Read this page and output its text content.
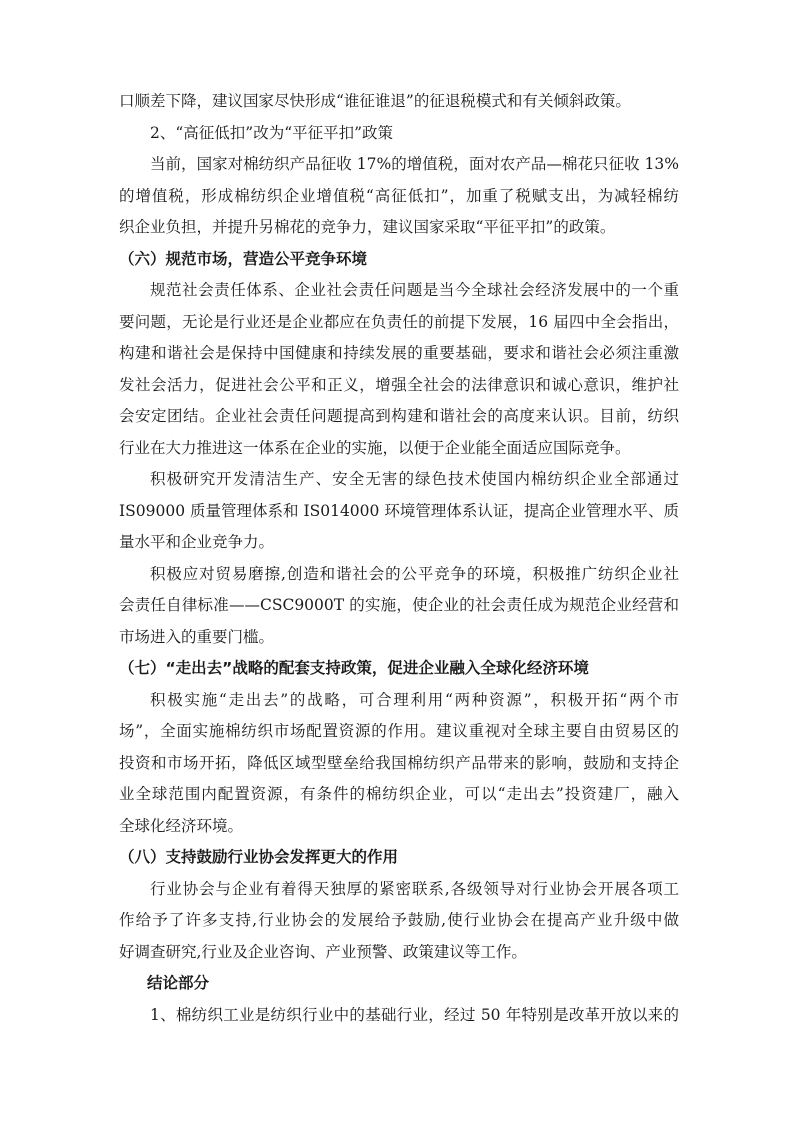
口顺差下降，建议国家尽快形成“谁征谁退”的征退税模式和有关倾斜政策。
2、“高征低扣”改为“平征平扣”政策
当前，国家对棉纺织产品征收 17%的增值税，面对农产品—棉花只征收 13%
的增值税，形成棉纺织企业增值税“高征低扣”，加重了税赋支出，为减轻棉纺
织企业负担，并提升另棉花的竞争力，建议国家采取“平征平扣”的政策。
（六）规范市场，营造公平竞争环境
规范社会责任体系、企业社会责任问题是当今全球社会经济发展中的一个重
要问题，无论是行业还是企业都应在负责任的前提下发展，16 届四中全会指出，
构建和谐社会是保持中国健康和持续发展的重要基础，要求和谐社会必须注重激
发社会活力，促进社会公平和正义，增强全社会的法律意识和诚心意识，维护社
会安定团结。企业社会责任问题提高到构建和谐社会的高度来认识。目前，纺织
行业在大力推进这一体系在企业的实施，以便于企业能全面适应国际竞争。
积极研究开发清洁生产、安全无害的绿色技术使国内棉纺织企业全部通过
IS09000 质量管理体系和 IS014000 环境管理体系认证，提高企业管理水平、质
量水平和企业竞争力。
积极应对贸易磨擦,创造和谐社会的公平竞争的环境，积极推广纺织企业社
会责任自律标准——CSC9000T 的实施，使企业的社会责任成为规范企业经营和
市场进入的重要门槛。
（七）“走出去”战略的配套支持政策，促进企业融入全球化经济环境
积极实施“走出去”的战略，可合理利用“两种资源”，积极开拓“两个市
场”，全面实施棉纺织市场配置资源的作用。建议重视对全球主要自由贸易区的
投资和市场开拓，降低区域型壁垒给我国棉纺织产品带来的影响，鼓励和支持企
业全球范围内配置资源，有条件的棉纺织企业，可以“走出去”投资建厂，融入
全球化经济环境。
（八）支持鼓励行业协会发挥更大的作用
行业协会与企业有着得天独厚的紧密联系,各级领导对行业协会开展各项工
作给予了许多支持,行业协会的发展给予鼓励,使行业协会在提高产业升级中做
好调查研究,行业及企业咨询、产业预警、政策建议等工作。
结论部分
1、棉纺织工业是纺织行业中的基础行业，经过 50 年特别是改革开放以来的
